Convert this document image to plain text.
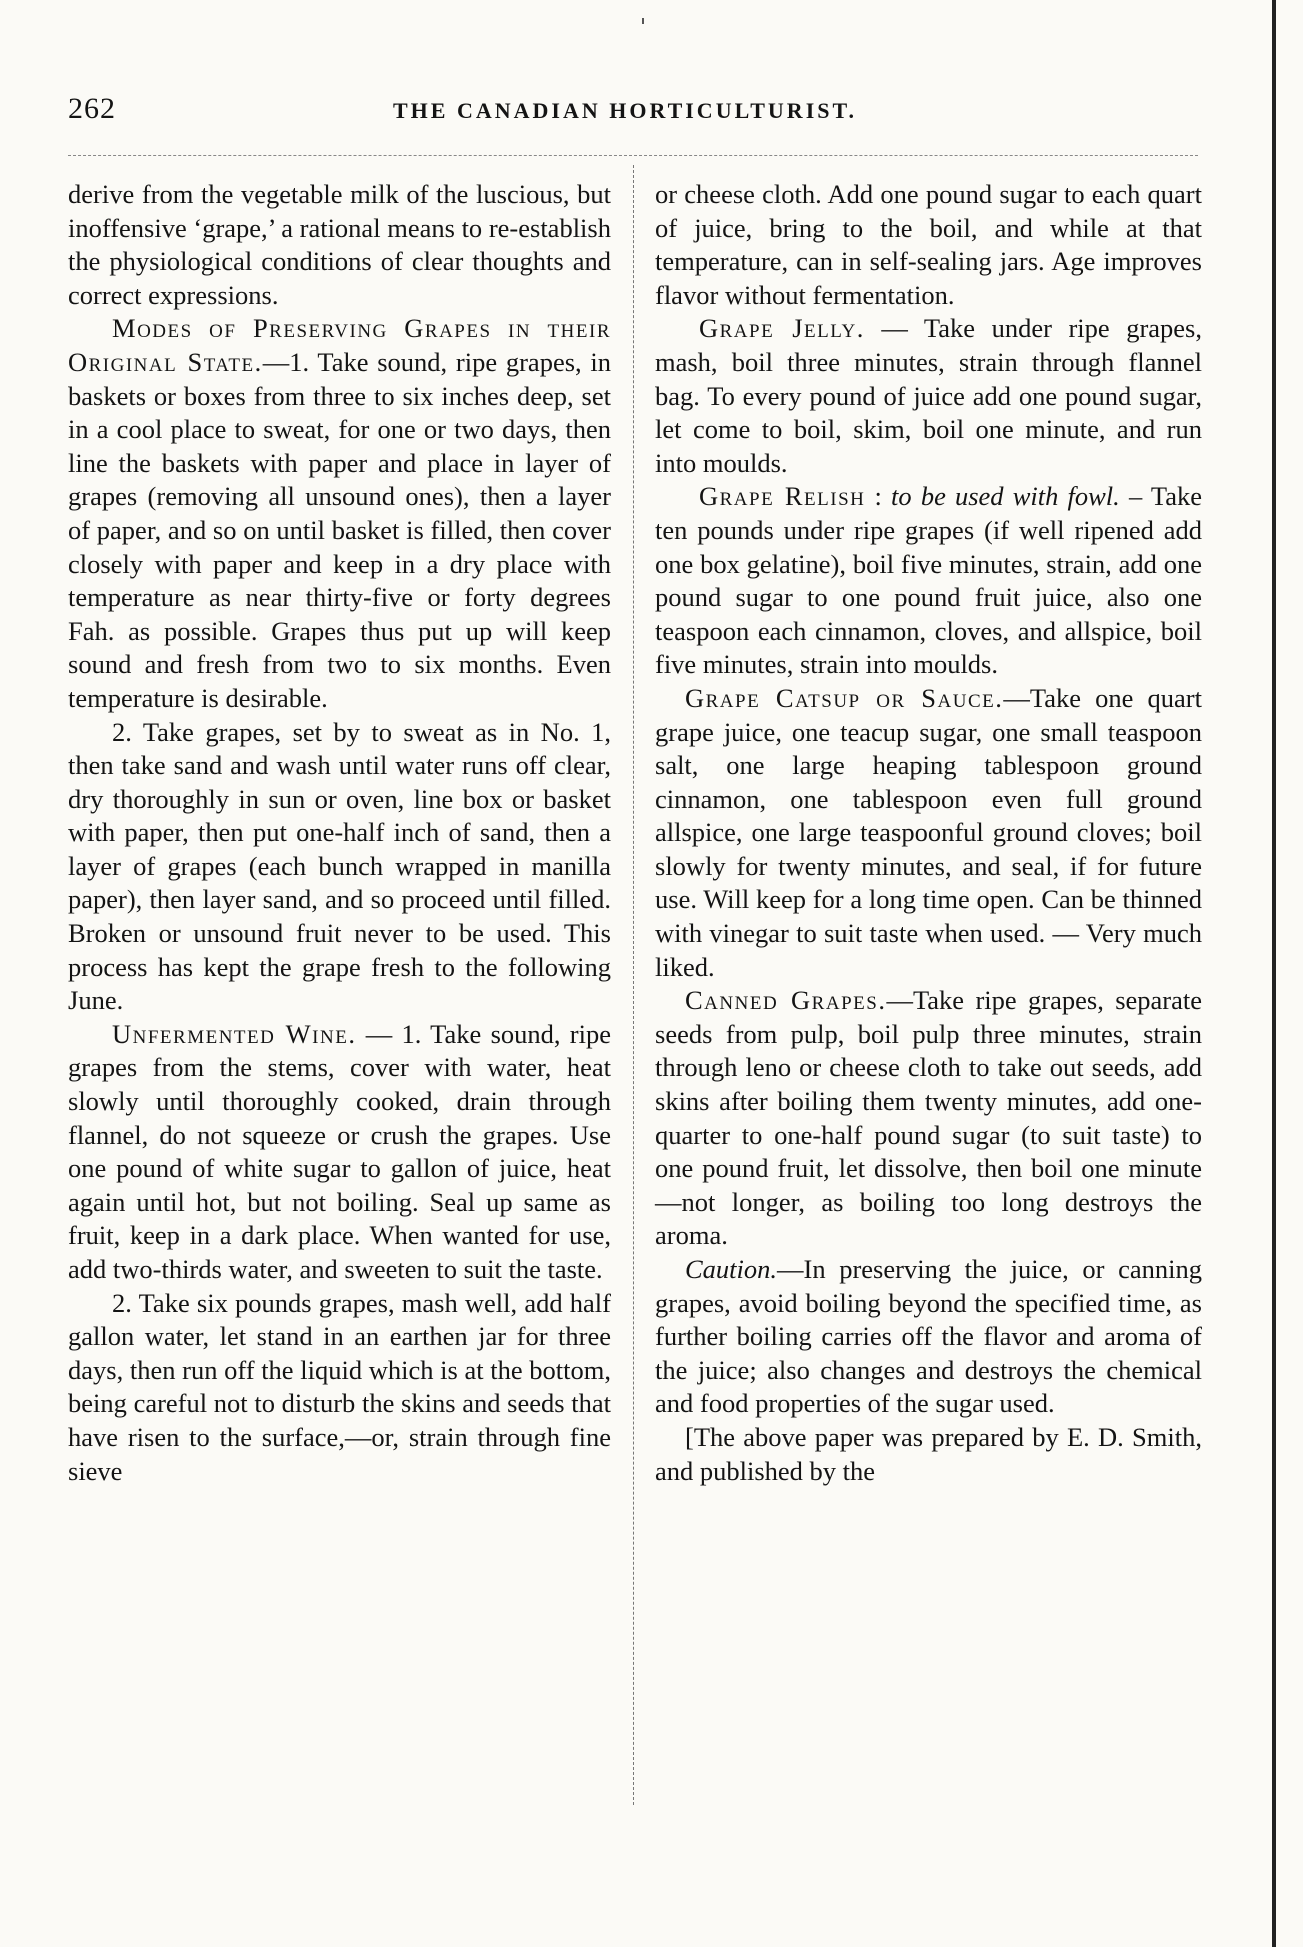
262	THE CANADIAN HORTICULTURIST.

derive from the vegetable milk of the luscious, but inoffensive ‘grape,’ a rational means to re-establish the physiological conditions of clear thoughts and correct expressions.

Modes of Preserving Grapes in their Original State.—1. Take sound, ripe grapes, in baskets or boxes from three to six inches deep, set in a cool place to sweat, for one or two days, then line the baskets with paper and place in layer of grapes (removing all unsound ones), then a layer of paper, and so on until basket is filled, then cover closely with paper and keep in a dry place with temperature as near thirty-five or forty degrees Fah. as possible. Grapes thus put up will keep sound and fresh from two to six months. Even temperature is desirable.

2. Take grapes, set by to sweat as in No. 1, then take sand and wash until water runs off clear, dry thoroughly in sun or oven, line box or basket with paper, then put one-half inch of sand, then a layer of grapes (each bunch wrapped in manilla paper), then layer sand, and so proceed until filled. Broken or unsound fruit never to be used. This process has kept the grape fresh to the following June.

Unfermented Wine. — 1. Take sound, ripe grapes from the stems, cover with water, heat slowly until thoroughly cooked, drain through flannel, do not squeeze or crush the grapes. Use one pound of white sugar to gallon of juice, heat again until hot, but not boiling. Seal up same as fruit, keep in a dark place. When wanted for use, add two-thirds water, and sweeten to suit the taste.

2. Take six pounds grapes, mash well, add half gallon water, let stand in an earthen jar for three days, then run off the liquid which is at the bottom, being careful not to disturb the skins and seeds that have risen to the surface,—or, strain through fine sieve

or cheese cloth. Add one pound sugar to each quart of juice, bring to the boil, and while at that temperature, can in self-sealing jars. Age improves flavor without fermentation.

Grape Jelly. — Take under ripe grapes, mash, boil three minutes, strain through flannel bag. To every pound of juice add one pound sugar, let come to boil, skim, boil one minute, and run into moulds.

Grape Relish : to be used with fowl. – Take ten pounds under ripe grapes (if well ripened add one box gelatine), boil five minutes, strain, add one pound sugar to one pound fruit juice, also one teaspoon each cinnamon, cloves, and allspice, boil five minutes, strain into moulds.

Grape Catsup or Sauce.—Take one quart grape juice, one teacup sugar, one small teaspoon salt, one large heaping tablespoon ground cinnamon, one tablespoon even full ground allspice, one large teaspoonful ground cloves; boil slowly for twenty minutes, and seal, if for future use. Will keep for a long time open. Can be thinned with vinegar to suit taste when used. — Very much liked.

Canned Grapes.—Take ripe grapes, separate seeds from pulp, boil pulp three minutes, strain through leno or cheese cloth to take out seeds, add skins after boiling them twenty minutes, add one-quarter to one-half pound sugar (to suit taste) to one pound fruit, let dissolve, then boil one minute—not longer, as boiling too long destroys the aroma.

Caution.—In preserving the juice, or canning grapes, avoid boiling beyond the specified time, as further boiling carries off the flavor and aroma of the juice; also changes and destroys the chemical and food properties of the sugar used.

[The above paper was prepared by E. D. Smith, and published by the
